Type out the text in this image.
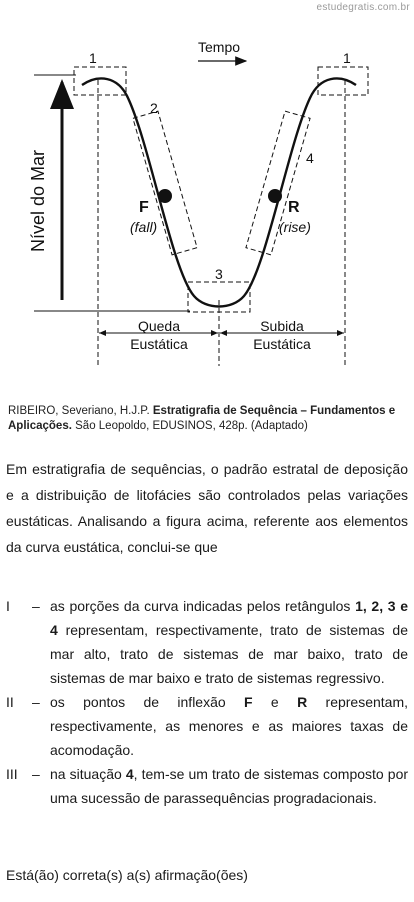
estudegratis.com.br
Tempo
Nível do Mar
Queda
Eustática
Subida
Eustática
1
2
3
4
1
F
(fall)
R
(rise)
RIBEIRO, Severiano, H.J.P. Estratigrafia de Sequência – Fundamentos e Aplicações. São Leopoldo, EDUSINOS, 428p. (Adaptado)
Em estratigrafia de sequências, o padrão estratal de deposição e a distribuição de litofácies são controlados pelas variações eustáticas. Analisando a figura acima, referente aos elementos da curva eustática, conclui-se que
I	– as porções da curva indicadas pelos retângulos 1, 2, 3 e 4 representam, respectivamente, trato de sistemas de mar alto, trato de sistemas de mar baixo, trato de sistemas de mar baixo e trato de sistemas regressivo.
II	– os pontos de inflexão F e R representam, respectivamente, as menores e as maiores taxas de acomodação.
III	– na situação 4, tem-se um trato de sistemas composto por uma sucessão de parassequências progradacionais.
Está(ão) correta(s) a(s) afirmação(ões)
